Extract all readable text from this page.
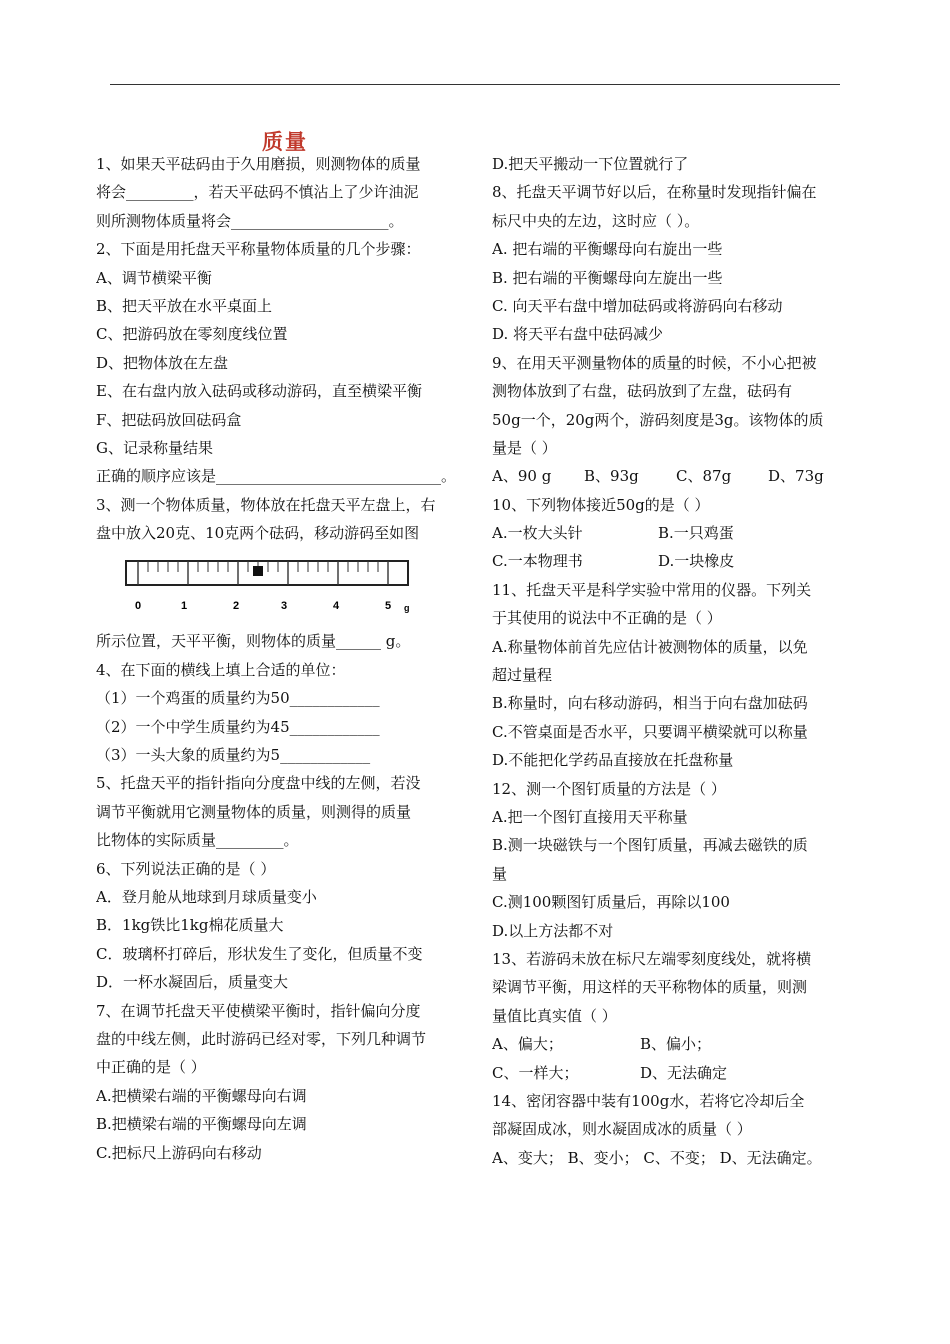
质量
1、如果天平砝码由于久用磨损，则测物体的质量
将会_________，若天平砝码不慎沾上了少许油泥
则所测物体质量将会_____________________。
2、下面是用托盘天平称量物体质量的几个步骤：
A、调节横梁平衡
B、把天平放在水平桌面上
C、把游码放在零刻度线位置
D、把物体放在左盘
E、在右盘内放入砝码或移动游码，直至横梁平衡
F、把砝码放回砝码盒
G、记录称量结果
正确的顺序应该是______________________________。
3、测一个物体质量，物体放在托盘天平左盘上，右
盘中放入20克、10克两个砝码，移动游码至如图
0	1	2	3	4	5 g
所示位置，天平平衡，则物体的质量______ g。
4、在下面的横线上填上合适的单位：
（1）一个鸡蛋的质量约为50____________
（2）一个中学生质量约为45____________
（3）一头大象的质量约为5____________
5、托盘天平的指针指向分度盘中线的左侧，若没
调节平衡就用它测量物体的质量，则测得的质量
比物体的实际质量_________。
6、下列说法正确的是（ ）
A．登月舱从地球到月球质量变小
B．1kg铁比1kg棉花质量大
C．玻璃杯打碎后，形状发生了变化，但质量不变
D．一杯水凝固后，质量变大
7、在调节托盘天平使横梁平衡时，指针偏向分度
盘的中线左侧，此时游码已经对零，下列几种调节
中正确的是（ ）
A.把横梁右端的平衡螺母向右调
B.把横梁右端的平衡螺母向左调
C.把标尺上游码向右移动
D.把天平搬动一下位置就行了
8、托盘天平调节好以后，在称量时发现指针偏在
标尺中央的左边，这时应（ ）。
A. 把右端的平衡螺母向右旋出一些
B. 把右端的平衡螺母向左旋出一些
C. 向天平右盘中增加砝码或将游码向右移动
D. 将天平右盘中砝码减少
9、在用天平测量物体的质量的时候，不小心把被
测物体放到了右盘，砝码放到了左盘，砝码有
50g一个，20g两个，游码刻度是3g。该物体的质
量是（ ）
A、90 g	B、93g	C、87g	D、73g
10、下列物体接近50g的是（ ）
A.一枚大头针	B.一只鸡蛋
C.一本物理书	D.一块橡皮
11、托盘天平是科学实验中常用的仪器。下列关
于其使用的说法中不正确的是（ ）
A.称量物体前首先应估计被测物体的质量，以免
超过量程
B.称量时，向右移动游码，相当于向右盘加砝码
C.不管桌面是否水平，只要调平横梁就可以称量
D.不能把化学药品直接放在托盘称量
12、测一个图钉质量的方法是（ ）
A.把一个图钉直接用天平称量
B.测一块磁铁与一个图钉质量，再减去磁铁的质
量
C.测100颗图钉质量后，再除以100
D.以上方法都不对
13、若游码未放在标尺左端零刻度线处，就将横
梁调节平衡，用这样的天平称物体的质量，则测
量值比真实值（ ）
A、偏大；	B、偏小；
C、一样大；	D、无法确定
14、密闭容器中装有100g水，若将它冷却后全
部凝固成冰，则水凝固成冰的质量（ ）
A、变大； B、变小； C、不变； D、无法确定。
